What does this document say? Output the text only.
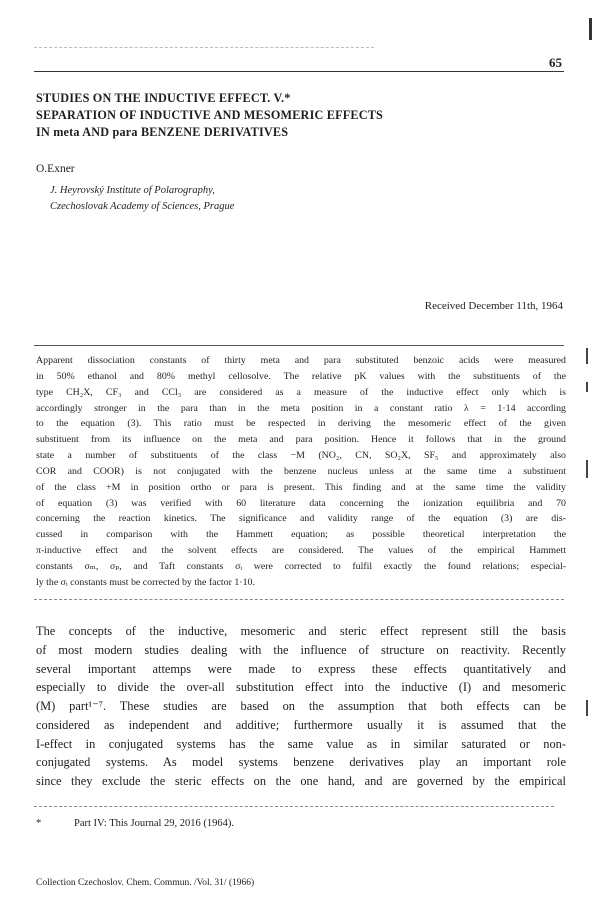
65
STUDIES ON THE INDUCTIVE EFFECT. V.*
SEPARATION OF INDUCTIVE AND MESOMERIC EFFECTS
IN meta AND para BENZENE DERIVATIVES
O.Exner
J. Heyrovský Institute of Polarography,
Czechoslovak Academy of Sciences, Prague
Received December 11th, 1964
Apparent dissociation constants of thirty meta and para substituted benzoic acids were measured
in 50% ethanol and 80% methyl cellosolve. The relative pK values with the substituents of the
type CH₂X, CF₃ and CCl₃ are considered as a measure of the inductive effect only which is
accordingly stronger in the para than in the meta position in a constant ratio λ = 1·14 according
to the equation (3). This ratio must be respected in deriving the mesomeric effect of the given
substituent from its influence on the meta and para position. Hence it follows that in the ground
state a number of substituents of the class −M (NO₂, CN, SO₂X, SF₅ and approximately also
COR and COOR) is not conjugated with the benzene nucleus unless at the same time a substituent
of the class +M in position ortho or para is present. This finding and at the same time the validity
of equation (3) was verified with 60 literature data concerning the ionization equilibria and 70
concerning the reaction kinetics. The significance and validity range of the equation (3) are dis-
cussed in comparison with the Hammett equation; as possible theoretical interpretation the
π-inductive effect and the solvent effects are considered. The values of the empirical Hammett
constants σₘ, σₚ, and Taft constants σᵢ were corrected to fulfil exactly the found relations; especial-
ly the σᵢ constants must be corrected by the factor 1·10.
The concepts of the inductive, mesomeric and steric effect represent still the basis
of most modern studies dealing with the influence of structure on reactivity. Recently
several important attemps were made to express these effects quantitatively and
especially to divide the over-all substitution effect into the inductive (I) and mesomeric
(M) part¹⁻⁷. These studies are based on the assumption that both effects can be
considered as independent and additive; furthermore usually it is assumed that the
I-effect in conjugated systems has the same value as in similar saturated or non-
conjugated systems. As model systems benzene derivatives play an important role
since they exclude the steric effects on the one hand, and are governed by the empirical
*	Part IV: This Journal 29, 2016 (1964).
Collection Czechoslov. Chem. Commun. /Vol. 31/ (1966)
